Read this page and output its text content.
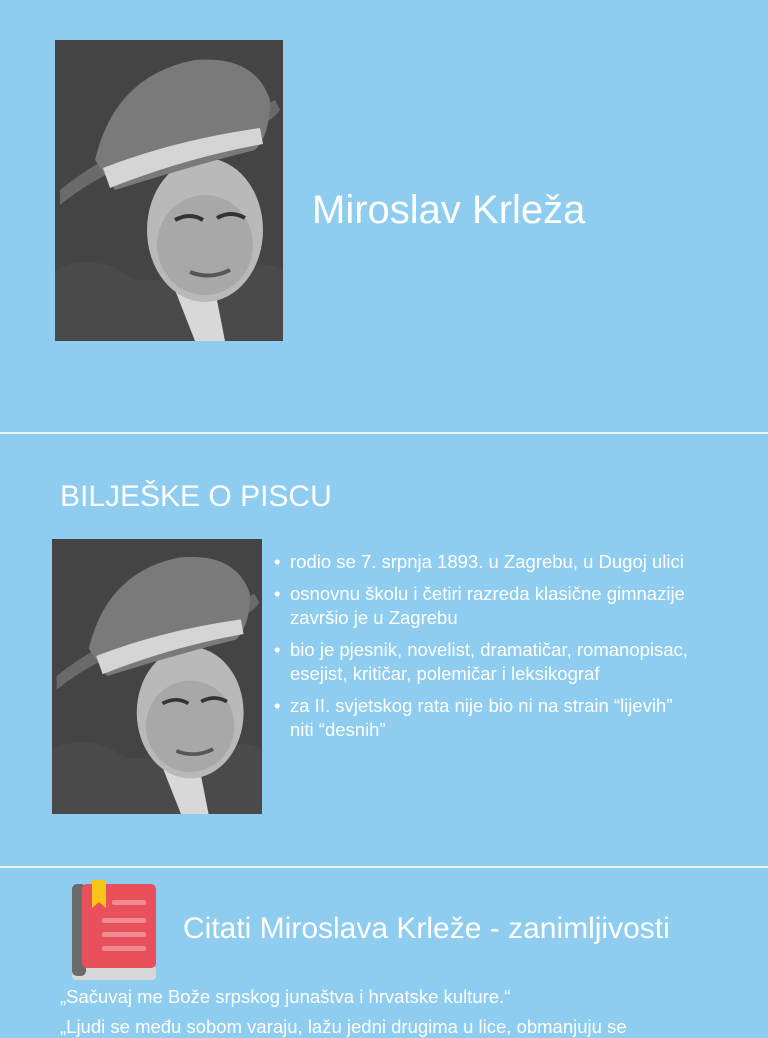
Miroslav Krleža
BILJEŠKE O PISCU
• rodio se 7. srpnja 1893. u Zagrebu, u Dugoj ulici
• osnovnu školu i četiri razreda klasične gimnazije završio je u Zagrebu
• bio je pjesnik, novelist, dramatičar, romanopisac, esejist, kritičar, polemičar i leksikograf
• za II. svjetskog rata nije bio ni na strain “lijevih” niti “desnih”
Citati Miroslava Krleže - zanimljivosti
„Sačuvaj me Bože srpskog junaštva i hrvatske kulture.“
„Ljudi se među sobom varaju, lažu jedni drugima u lice, obmanjuju se
